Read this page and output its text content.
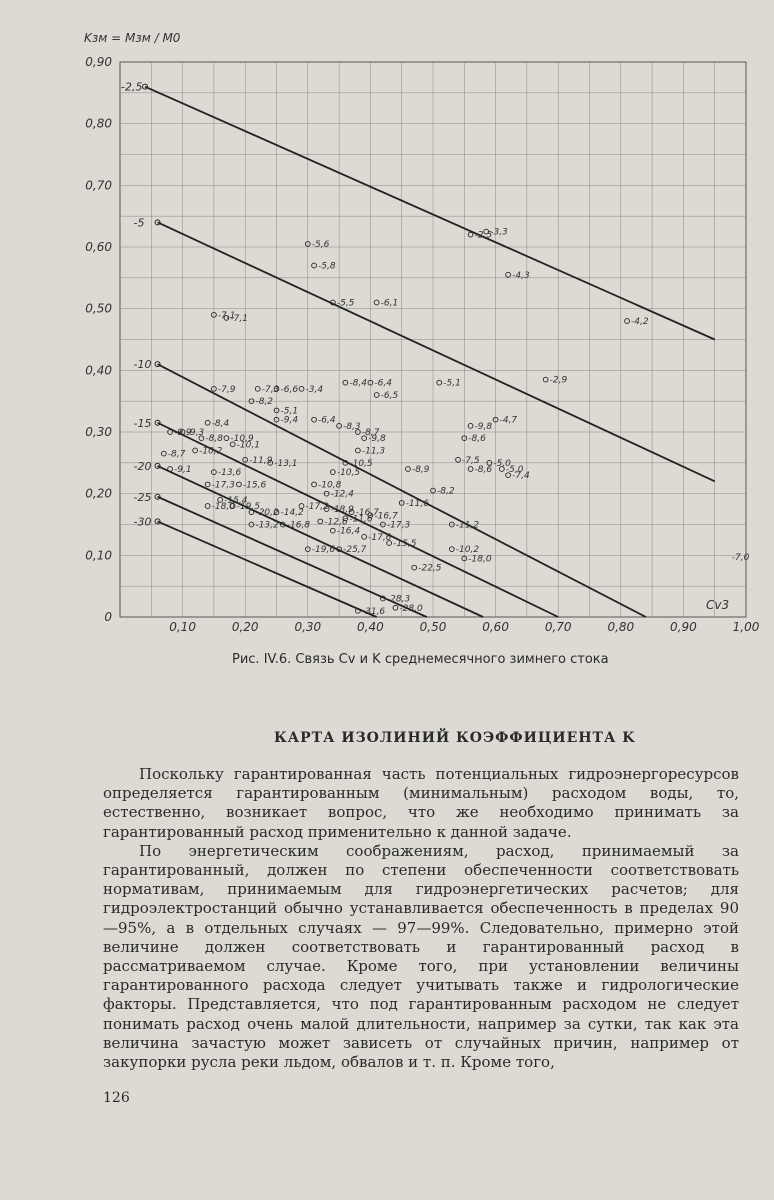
0,10	0,20	0,30	0,40	0,50	0,60	0,70	0,80	0,90	1,00
0
0,10
0,20
0,30
0,40
0,50
0,60
0,70
0,80
0,90
Kзм = Mзм / M0
Cv3
-2,5
-5
-10
-15
-20
-25
-30
-2,5
-3,3
-4,3
-4,2
-2,9
-5,6
-5,8
-5,5	-6,1
-7,1
-7,1
-7,9	-7,3 -6,6 -3,4
-8,2
-8,4 -6,4
-6,5
-5,1
-5,1
-8,4	-9,4 -6,4
-8,3	-9,8
-4,7
-8,6
-8,7
-9,8
-9,9
-9,3
-10,9
-8,8
-8,7 -10,2
-10,1
-9,1	-13,6
-11,9 -13,1
-11,3
-10,5
-10,5
-10,8
-12,4
-8,9
-7,5
-8,6
-5,0
-5,0
-7,4
-11,6
-8,2
-17,3
-15,4
-15,6
-18,0 -19,5
-20,2 -14,2
-17,2 -18,9 -16,7
-16,7
-17,3
-11,6
-12,6
-16,8
-13,2
-16,4
-17,6
-11,2
-15,5
-25,7
-19,6	-10,2
-18,0
-22,5
-28,3
-28,0
-31,6
-7,0
Рис. IV.6. Связь Cv и K среднемесячного зимнего стока
КАРТА ИЗОЛИНИЙ КОЭФФИЦИЕНТА K

Поскольку гарантированная часть потенциальных гидроэнергоресурсов определяется гарантированным (минимальным) расходом воды, то, естественно, возникает вопрос, что же необходимо принимать за гарантированный расход применительно к данной задаче.

По энергетическим соображениям, расход, принимаемый за гарантированный, должен по степени обеспеченности соответствовать нормативам, принимаемым для гидроэнергетических расчетов; для гидроэлектростанций обычно устанавливается обеспеченность в пределах 90—95%, а в отдельных случаях — 97—99%. Следовательно, примерно этой величине должен соответствовать и гарантированный расход в рассматриваемом случае. Кроме того, при установлении величины гарантированного расхода следует учитывать также и гидрологические факторы. Представляется, что под гарантированным расходом не следует понимать расход очень малой длительности, например за сутки, так как эта величина зачастую может зависеть от случайных причин, например от закупорки русла реки льдом, обвалов и т. п. Кроме того,

126
